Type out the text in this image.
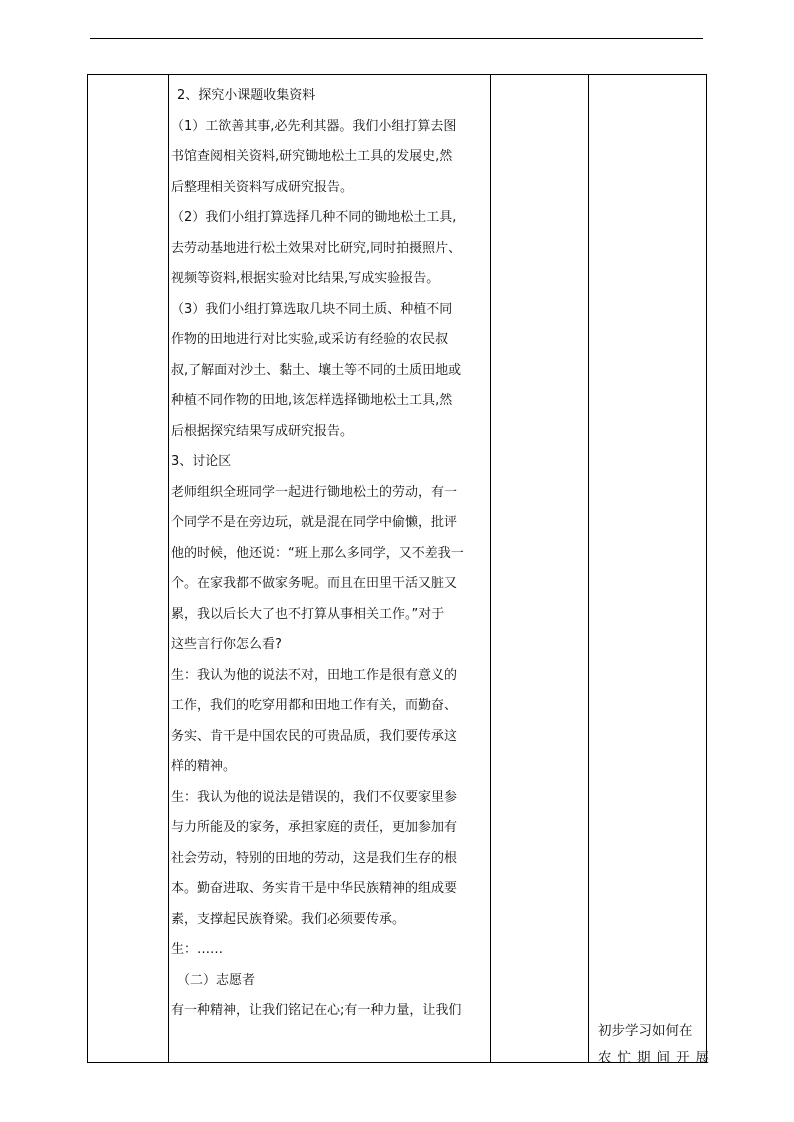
2、探究小课题收集资料

（1）工欲善其事,必先利其器。我们小组打算去图

书馆查阅相关资料,研究锄地松土工具的发展史,然

后整理相关资料写成研究报告。

（2）我们小组打算选择几种不同的锄地松土工具,

去劳动基地进行松土效果对比研究,同时拍摄照片、

视频等资料,根据实验对比结果,写成实验报告。

（3）我们小组打算选取几块不同土质、种植不同

作物的田地进行对比实验,或采访有经验的农民叔

叔,了解面对沙土、黏土、壤土等不同的土质田地或

种植不同作物的田地,该怎样选择锄地松土工具,然

后根据探究结果写成研究报告。

3、讨论区

老师组织全班同学一起进行锄地松土的劳动，有一

个同学不是在旁边玩，就是混在同学中偷懒，批评

他的时候，他还说：“班上那么多同学，又不差我一

个。在家我都不做家务呢。而且在田里干活又脏又

累，我以后长大了也不打算从事相关工作。”对于

这些言行你怎么看?

生：我认为他的说法不对，田地工作是很有意义的

工作，我们的吃穿用都和田地工作有关，而勤奋、

务实、肯干是中国农民的可贵品质，我们要传承这

样的精神。

生：我认为他的说法是错误的，我们不仅要家里参

与力所能及的家务，承担家庭的责任，更加参加有

社会劳动，特别的田地的劳动，这是我们生存的根

本。勤奋进取、务实肯干是中华民族精神的组成要

素，支撑起民族脊梁。我们必须要传承。

生：……

（二）志愿者

有一种精神，让我们铭记在心;有一种力量，让我们

初步学习如何在

农忙期间开展
